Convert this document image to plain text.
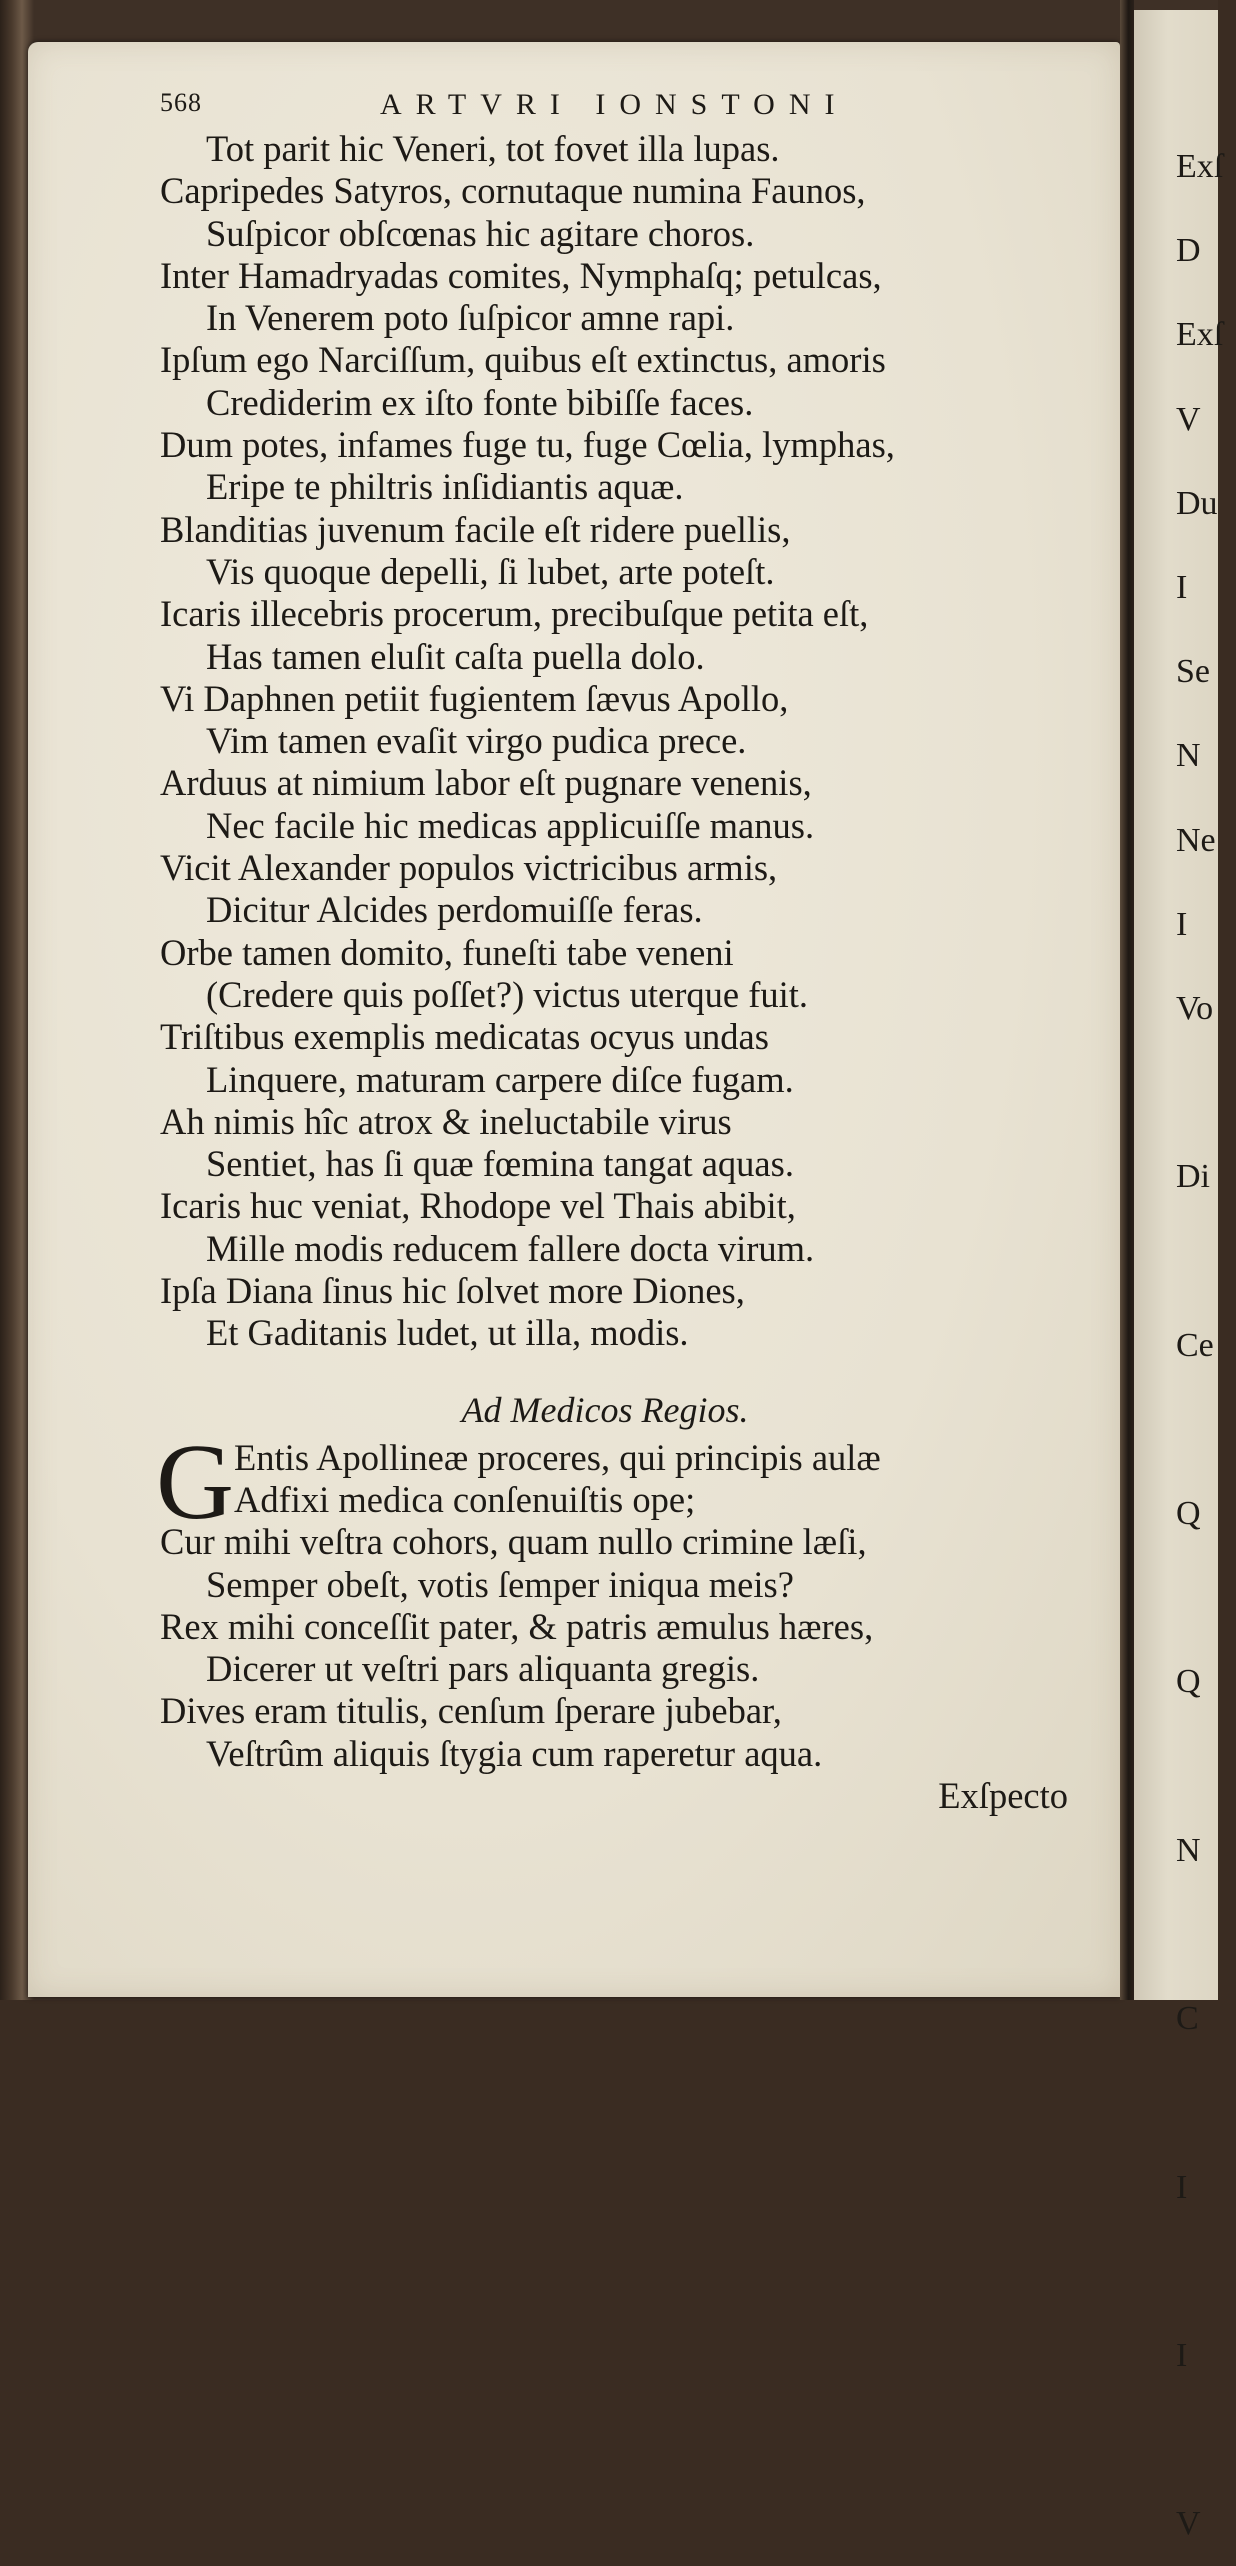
568	ARTVRI IONSTONI
Tot parit hic Veneri, tot fovet illa lupas.
Capripedes Satyros, cornutaque numina Faunos,
Suſpicor obſcœnas hic agitare choros.
Inter Hamadryadas comites, Nymphaſq; petulcas,
In Venerem poto ſuſpicor amne rapi.
Ipſum ego Narciſſum, quibus eſt extinctus, amoris
Crediderim ex iſto fonte bibiſſe faces.
Dum potes, infames fuge tu, fuge Cœlia, lymphas,
Eripe te philtris inſidiantis aquæ.
Blanditias juvenum facile eſt ridere puellis,
Vis quoque depelli, ſi lubet, arte poteſt.
Icaris illecebris procerum, precibuſque petita eſt,
Has tamen eluſit caſta puella dolo.
Vi Daphnen petiit fugientem ſævus Apollo,
Vim tamen evaſit virgo pudica prece.
Arduus at nimium labor eſt pugnare venenis,
Nec facile hic medicas applicuiſſe manus.
Vicit Alexander populos victricibus armis,
Dicitur Alcides perdomuiſſe feras.
Orbe tamen domito, funeſti tabe veneni
(Credere quis poſſet?) victus uterque fuit.
Triſtibus exemplis medicatas ocyus undas
Linquere, maturam carpere diſce fugam.
Ah nimis hîc atrox & ineluctabile virus
Sentiet, has ſi quæ fœmina tangat aquas.
Icaris huc veniat, Rhodope vel Thais abibit,
Mille modis reducem fallere docta virum.
Ipſa Diana ſinus hic ſolvet more Diones,
Et Gaditanis ludet, ut illa, modis.
Ad Medicos Regios.
G Entis Apollineæ proceres, qui principis aulæ
Adfixi medica conſenuiſtis ope;
Cur mihi veſtra cohors, quam nullo crimine læſi,
Semper obeſt, votis ſemper iniqua meis?
Rex mihi conceſſit pater, & patris æmulus hæres,
Dicerer ut veſtri pars aliquanta gregis.
Dives eram titulis, cenſum ſperare jubebar,
Veſtrûm aliquis ſtygia cum raperetur aqua.
Exſpecto
Exſ
D
Exſ
V
Du
I
Se
N
Ne
I
Vo
Di
Ce
Q
Q
N
C
I
I
V
